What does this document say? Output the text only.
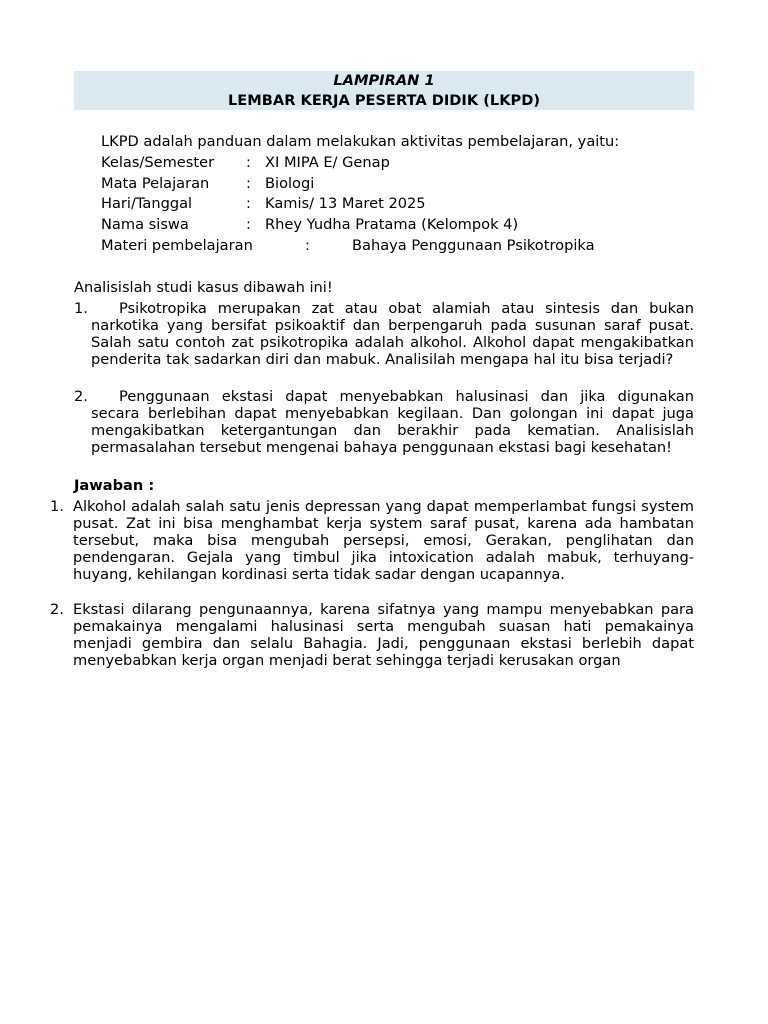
LAMPIRAN 1
LEMBAR KERJA PESERTA DIDIK (LKPD)
LKPD adalah panduan dalam melakukan aktivitas pembelajaran, yaitu:
Kelas/Semester : XI MIPA E/ Genap
Mata Pelajaran	: Biologi
Hari/Tanggal	: Kamis/ 13 Maret 2025
Nama siswa	: Rhey Yudha Pratama (Kelompok 4)
Materi pembelajaran	:	Bahaya Penggunaan Psikotropika
Analisislah studi kasus dibawah ini!
1.	Psikotropika merupakan zat atau obat alamiah atau sintesis dan bukan narkotika yang bersifat psikoaktif dan berpengaruh pada susunan saraf pusat. Salah satu contoh zat psikotropika adalah alkohol. Alkohol dapat mengakibatkan penderita tak sadarkan diri dan mabuk. Analisilah mengapa hal itu bisa terjadi?
2.	Penggunaan ekstasi dapat menyebabkan halusinasi dan jika digunakan secara berlebihan dapat menyebabkan kegilaan. Dan golongan ini dapat juga mengakibatkan ketergantungan dan berakhir pada kematian. Analisislah permasalahan tersebut mengenai bahaya penggunaan ekstasi bagi kesehatan!
Jawaban :
1. Alkohol adalah salah satu jenis depressan yang dapat memperlambat fungsi system pusat. Zat ini bisa menghambat kerja system saraf pusat, karena ada hambatan tersebut, maka bisa mengubah persepsi, emosi, Gerakan, penglihatan dan pendengaran. Gejala yang timbul jika intoxication adalah mabuk, terhuyang-huyang, kehilangan kordinasi serta tidak sadar dengan ucapannya.
2. Ekstasi dilarang pengunaannya, karena sifatnya yang mampu menyebabkan para pemakainya mengalami halusinasi serta mengubah suasan hati pemakainya menjadi gembira dan selalu Bahagia. Jadi, penggunaan ekstasi berlebih dapat menyebabkan kerja organ menjadi berat sehingga terjadi kerusakan organ
